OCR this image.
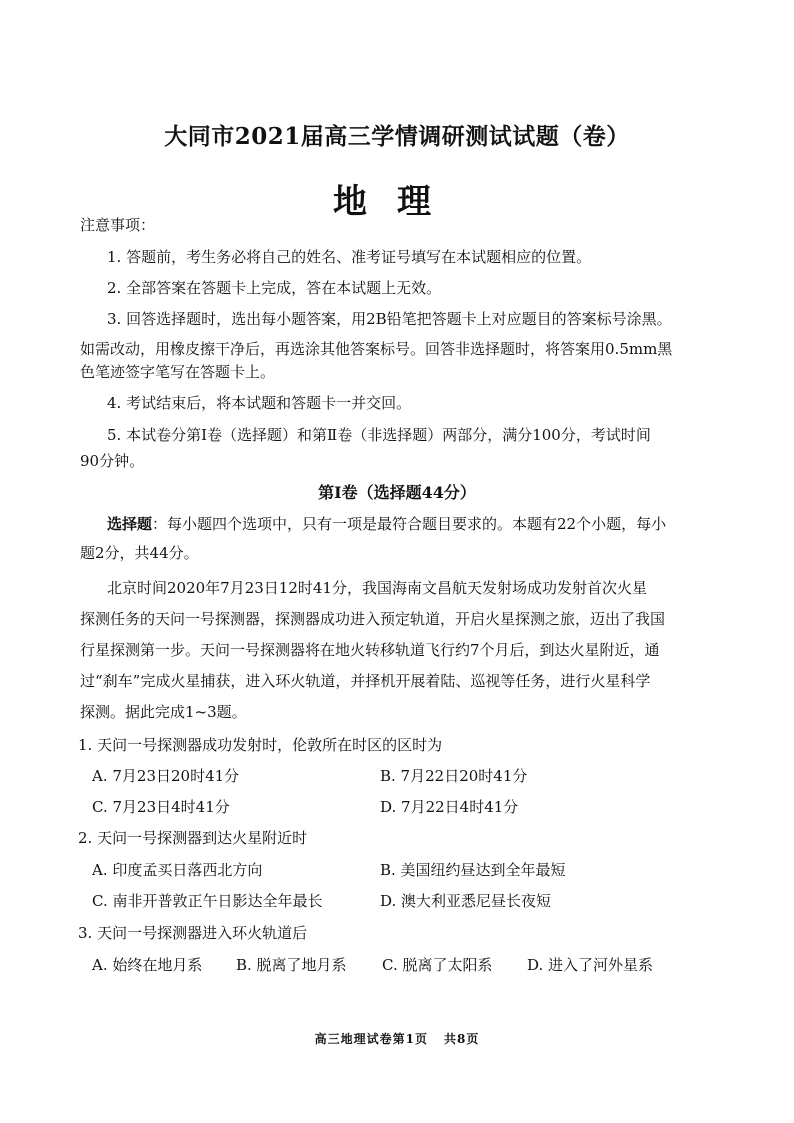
大同市2021届高三学情调研测试试题（卷）
地理
注意事项：
1. 答题前，考生务必将自己的姓名、准考证号填写在本试题相应的位置。
2. 全部答案在答题卡上完成，答在本试题上无效。
3. 回答选择题时，选出每小题答案，用2B铅笔把答题卡上对应题目的答案标号涂黑。
如需改动，用橡皮擦干净后，再选涂其他答案标号。回答非选择题时，将答案用0.5mm黑
色笔迹签字笔写在答题卡上。
4. 考试结束后，将本试题和答题卡一并交回。
5. 本试卷分第Ⅰ卷（选择题）和第Ⅱ卷（非选择题）两部分，满分100分，考试时间
90分钟。
第Ⅰ卷（选择题44分）
选择题：每小题四个选项中，只有一项是最符合题目要求的。本题有22个小题，每小
题2分，共44分。
北京时间2020年7月23日12时41分，我国海南文昌航天发射场成功发射首次火星
探测任务的天问一号探测器，探测器成功进入预定轨道，开启火星探测之旅，迈出了我国
行星探测第一步。天问一号探测器将在地火转移轨道飞行约7个月后，到达火星附近，通
过“刹车”完成火星捕获，进入环火轨道，并择机开展着陆、巡视等任务，进行火星科学
探测。据此完成1~3题。
1. 天问一号探测器成功发射时，伦敦所在时区的区时为
A. 7月23日20时41分	B. 7月22日20时41分
C. 7月23日4时41分	D. 7月22日4时41分
2. 天问一号探测器到达火星附近时
A. 印度孟买日落西北方向	B. 美国纽约昼达到全年最短
C. 南非开普敦正午日影达全年最长	D. 澳大利亚悉尼昼长夜短
3. 天问一号探测器进入环火轨道后
A. 始终在地月系 B. 脱离了地月系 C. 脱离了太阳系 D. 进入了河外星系
高三地理试卷第1页 共8页
